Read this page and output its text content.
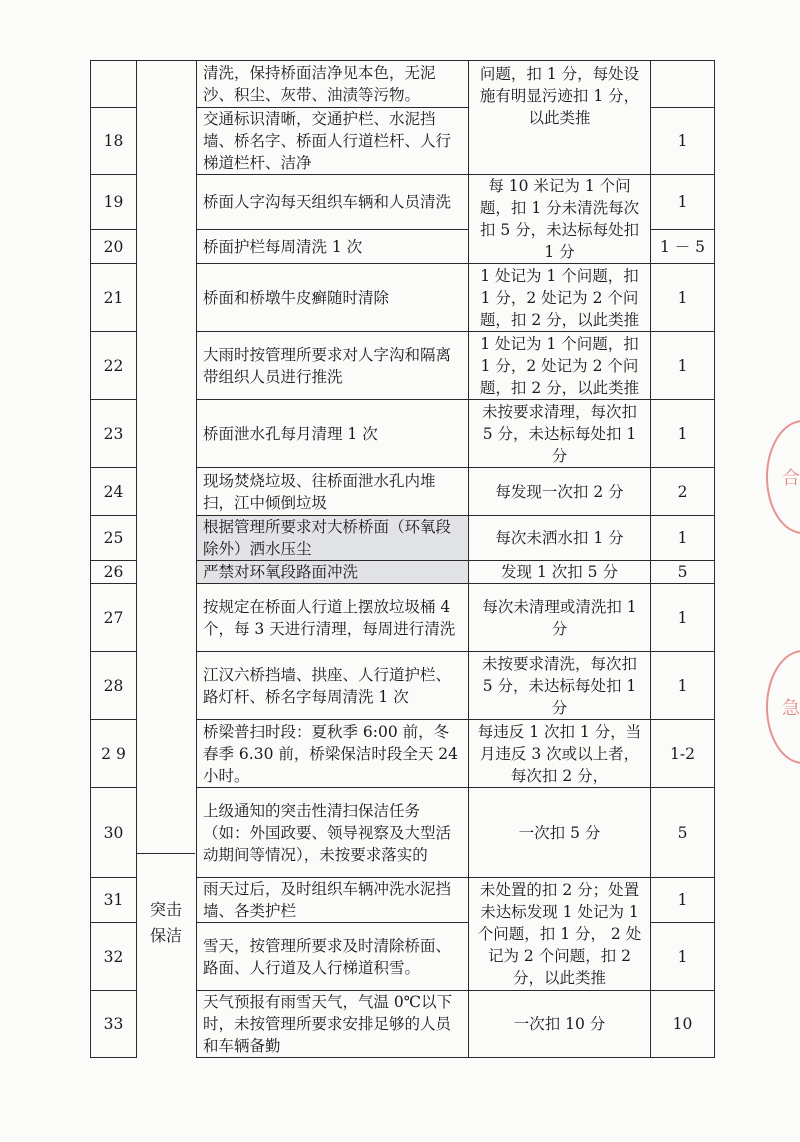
		清洗，保持桥面洁净见本色，无泥沙、积尘、灰带、油渍等污物。	问题，扣 1 分，每处设施有明显污迹扣 1 分，以此类推	
18		交通标识清晰，交通护栏、水泥挡墙、桥名字、桥面人行道栏杆、人行梯道栏杆、洁净		1
19		桥面人字沟每天组织车辆和人员清洗	每 10 米记为 1 个问题，扣 1 分未清洗每次扣 5 分，未达标每处扣 1 分	1
20		桥面护栏每周清洗 1 次		1 － 5
21		桥面和桥墩牛皮癣随时清除	1 处记为 1 个问题，扣 1 分，2 处记为 2 个问题，扣 2 分，以此类推	1
22		大雨时按管理所要求对人字沟和隔离带组织人员进行推洗	1 处记为 1 个问题，扣 1 分，2 处记为 2 个问题，扣 2 分，以此类推	1
23		桥面泄水孔每月清理 1 次	未按要求清理，每次扣 5 分，未达标每处扣 1 分	1
24		现场焚烧垃圾、往桥面泄水孔内堆扫，江中倾倒垃圾	每发现一次扣 2 分	2
25		根据管理所要求对大桥桥面（环氧段除外）洒水压尘	每次未洒水扣 1 分	1
26		严禁对环氧段路面冲洗	发现 1 次扣 5 分	5
27		按规定在桥面人行道上摆放垃圾桶 4 个，每 3 天进行清理，每周进行清洗	每次未清理或清洗扣 1 分	1
28		江汉六桥挡墙、拱座、人行道护栏、路灯杆、桥名字每周清洗 1 次	未按要求清洗，每次扣 5 分，未达标每处扣 1 分	1
2 9		桥梁普扫时段：夏秋季 6:00 前，冬春季 6.30 前，桥梁保洁时段全天 24 小时。	每违反 1 次扣 1 分，当月违反 3 次或以上者，每次扣 2 分，	1-2
30		上级通知的突击性清扫保洁任务（如：外国政要、领导视察及大型活动期间等情况），未按要求落实的	一次扣 5 分	5
31		雨天过后，及时组织车辆冲洗水泥挡墙、各类护栏	未处置的扣 2 分；处置未达标发现 1 处记为 1 个问题，扣 1 分， 2 处记为 2 个问题，扣 2 分，以此类推	1
32		雪天，按管理所要求及时清除桥面、路面、人行道及人行梯道积雪。		1
33		天气预报有雨雪天气，气温 0℃以下时，未按管理所要求安排足够的人员和车辆备勤	一次扣 10 分	10
突击保洁
合
急
